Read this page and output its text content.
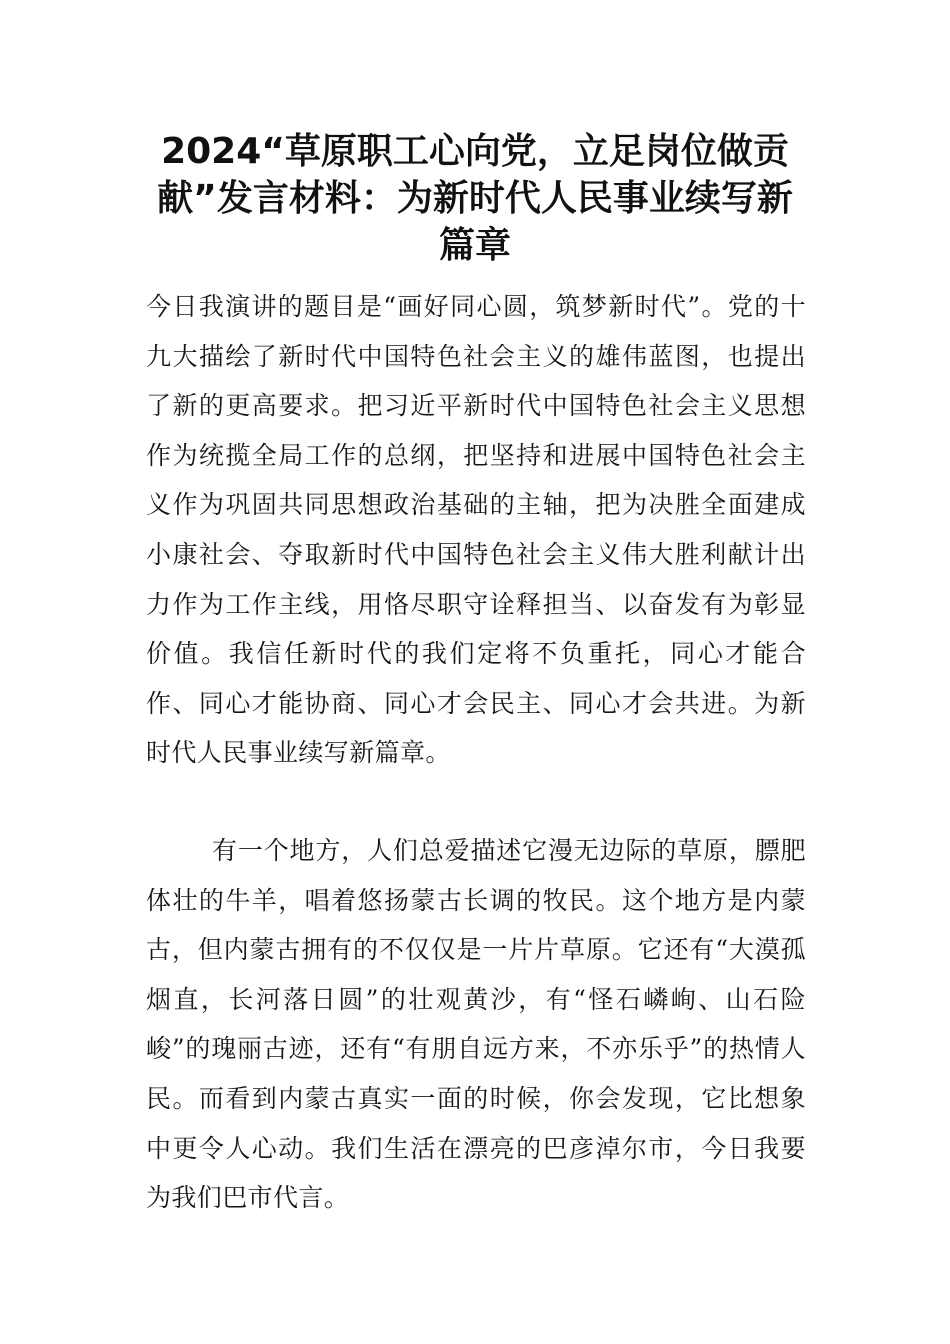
2024“草原职工心向党，立足岗位做贡献”发言材料：为新时代人民事业续写新篇章

今日我演讲的题目是“画好同心圆，筑梦新时代”。党的十九大描绘了新时代中国特色社会主义的雄伟蓝图，也提出了新的更高要求。把习近平新时代中国特色社会主义思想作为统揽全局工作的总纲，把坚持和进展中国特色社会主义作为巩固共同思想政治基础的主轴，把为决胜全面建成小康社会、夺取新时代中国特色社会主义伟大胜利献计出力作为工作主线，用恪尽职守诠释担当、以奋发有为彰显价值。我信任新时代的我们定将不负重托，同心才能合作、同心才能协商、同心才会民主、同心才会共进。为新时代人民事业续写新篇章。

有一个地方，人们总爱描述它漫无边际的草原，膘肥体壮的牛羊，唱着悠扬蒙古长调的牧民。这个地方是内蒙古，但内蒙古拥有的不仅仅是一片片草原。它还有“大漠孤烟直，长河落日圆”的壮观黄沙，有“怪石嶙峋、山石险峻”的瑰丽古迹，还有“有朋自远方来，不亦乐乎”的热情人民。而看到内蒙古真实一面的时候，你会发现，它比想象中更令人心动。我们生活在漂亮的巴彦淖尔市，今日我要为我们巴市代言。
